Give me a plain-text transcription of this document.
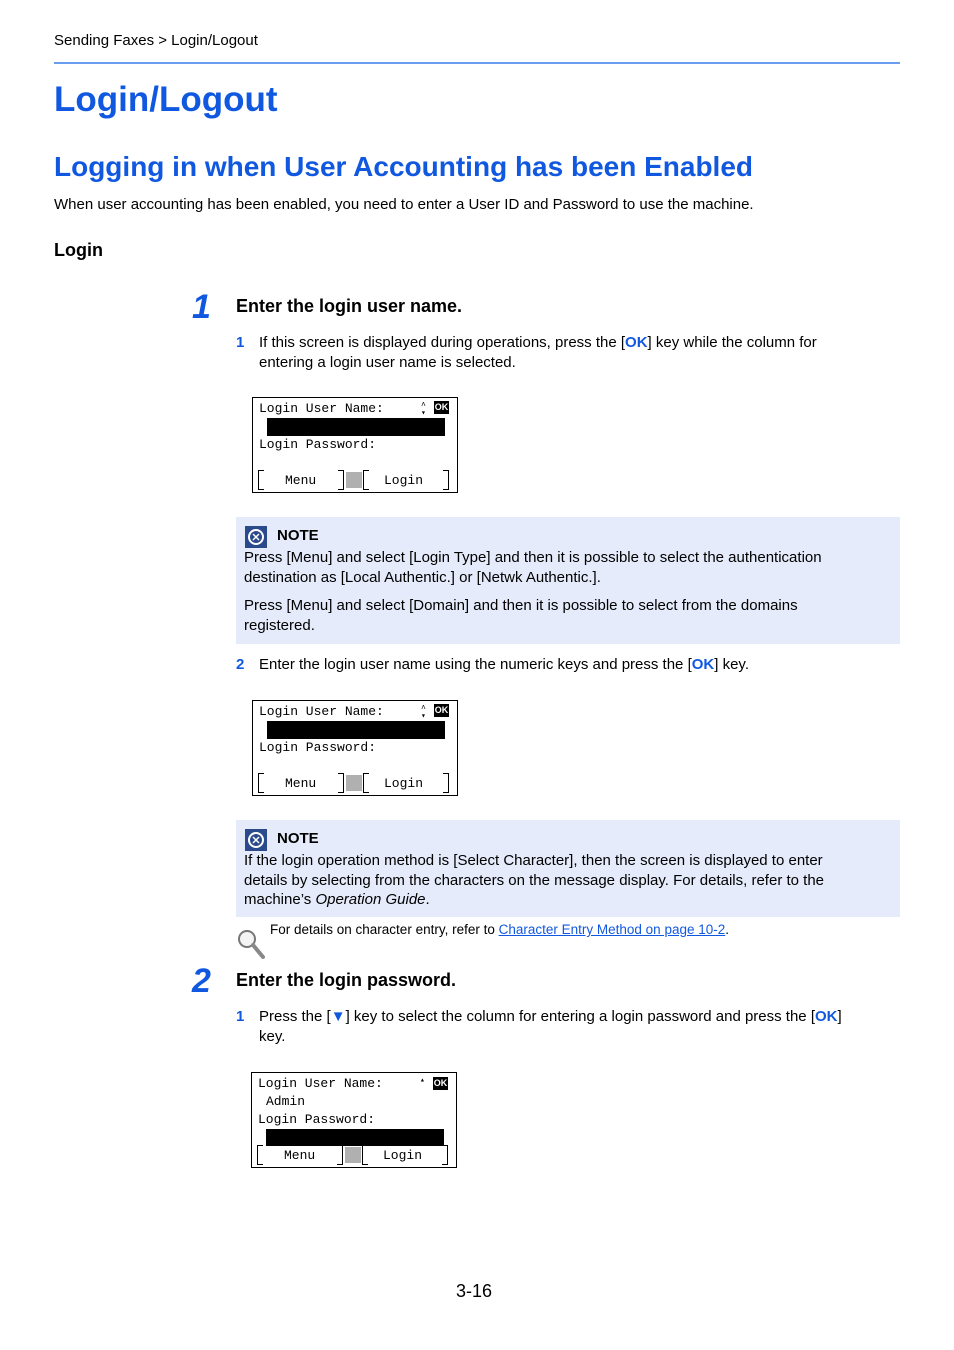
Sending Faxes > Login/Logout
Login/Logout
Logging in when User Accounting has been Enabled
When user accounting has been enabled, you need to enter a User ID and Password to use the machine.
Login
1 Enter the login user name.
1 If this screen is displayed during operations, press the [OK] key while the column for
entering a login user name is selected.
Login User Name:	˄
▾
OK
Login Password:
Menu	Login
NOTE
Press [Menu] and select [Login Type] and then it is possible to select the authentication
destination as [Local Authentic.] or [Netwk Authentic.].
Press [Menu] and select [Domain] and then it is possible to select from the domains
registered.
2 Enter the login user name using the numeric keys and press the [OK] key.
Login User Name:	˄
▾
OK
Login Password:
Menu	Login
NOTE
If the login operation method is [Select Character], then the screen is displayed to enter
details by selecting from the characters on the message display. For details, refer to the
machine’s Operation Guide.
For details on character entry, refer to Character Entry Method on page 10-2.
2 Enter the login password.
1 Press the [▼] key to select the column for entering a login password and press the [OK]
key.
Login User Name:	▴ OK
Admin
Login Password:
Menu	Login
3-16
